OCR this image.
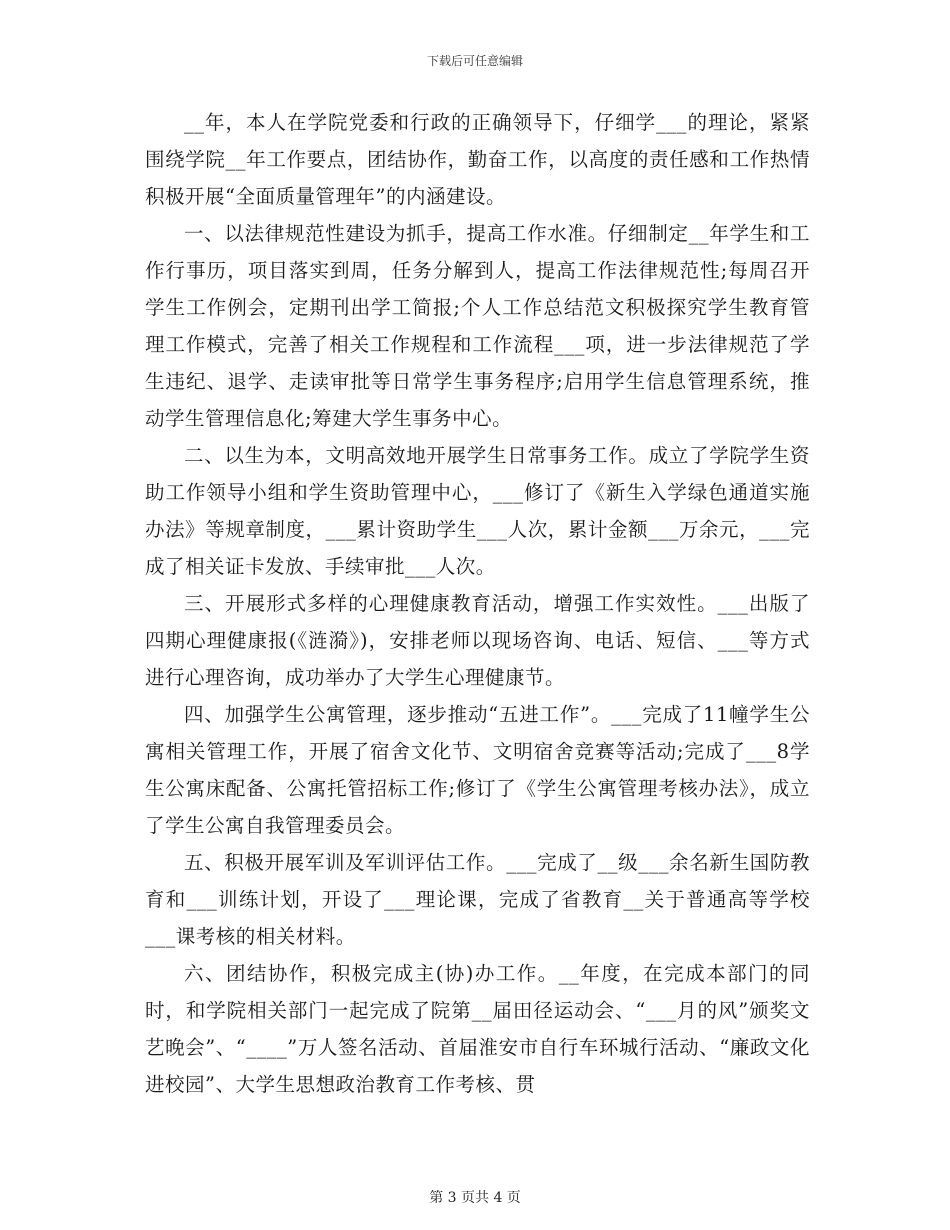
下载后可任意编辑

__年，本人在学院党委和行政的正确领导下，仔细学___的理论，紧紧围绕学院__年工作要点，团结协作，勤奋工作，以高度的责任感和工作热情积极开展“全面质量管理年”的内涵建设。

一、以法律规范性建设为抓手，提高工作水准。仔细制定__年学生和工作行事历，项目落实到周，任务分解到人，提高工作法律规范性;每周召开学生工作例会，定期刊出学工简报;个人工作总结范文积极探究学生教育管理工作模式，完善了相关工作规程和工作流程___项，进一步法律规范了学生违纪、退学、走读审批等日常学生事务程序;启用学生信息管理系统，推动学生管理信息化;筹建大学生事务中心。

二、以生为本，文明高效地开展学生日常事务工作。成立了学院学生资助工作领导小组和学生资助管理中心，___修订了《新生入学绿色通道实施办法》等规章制度，___累计资助学生___人次，累计金额___万余元，___完成了相关证卡发放、手续审批___人次。

三、开展形式多样的心理健康教育活动，增强工作实效性。___出版了四期心理健康报(《涟漪》)，安排老师以现场咨询、电话、短信、___等方式进行心理咨询，成功举办了大学生心理健康节。

四、加强学生公寓管理，逐步推动“五进工作”。___完成了11幢学生公寓相关管理工作，开展了宿舍文化节、文明宿舍竞赛等活动;完成了___8学生公寓床配备、公寓托管招标工作;修订了《学生公寓管理考核办法》，成立了学生公寓自我管理委员会。

五、积极开展军训及军训评估工作。___完成了__级___余名新生国防教育和___训练计划，开设了___理论课，完成了省教育__关于普通高等学校___课考核的相关材料。

六、团结协作，积极完成主(协)办工作。__年度，在完成本部门的同时，和学院相关部门一起完成了院第__届田径运动会、“___月的风”颁奖文艺晚会”、“____”万人签名活动、首届淮安市自行车环城行活动、“廉政文化进校园”、大学生思想政治教育工作考核、贯

第 3 页共 4 页
